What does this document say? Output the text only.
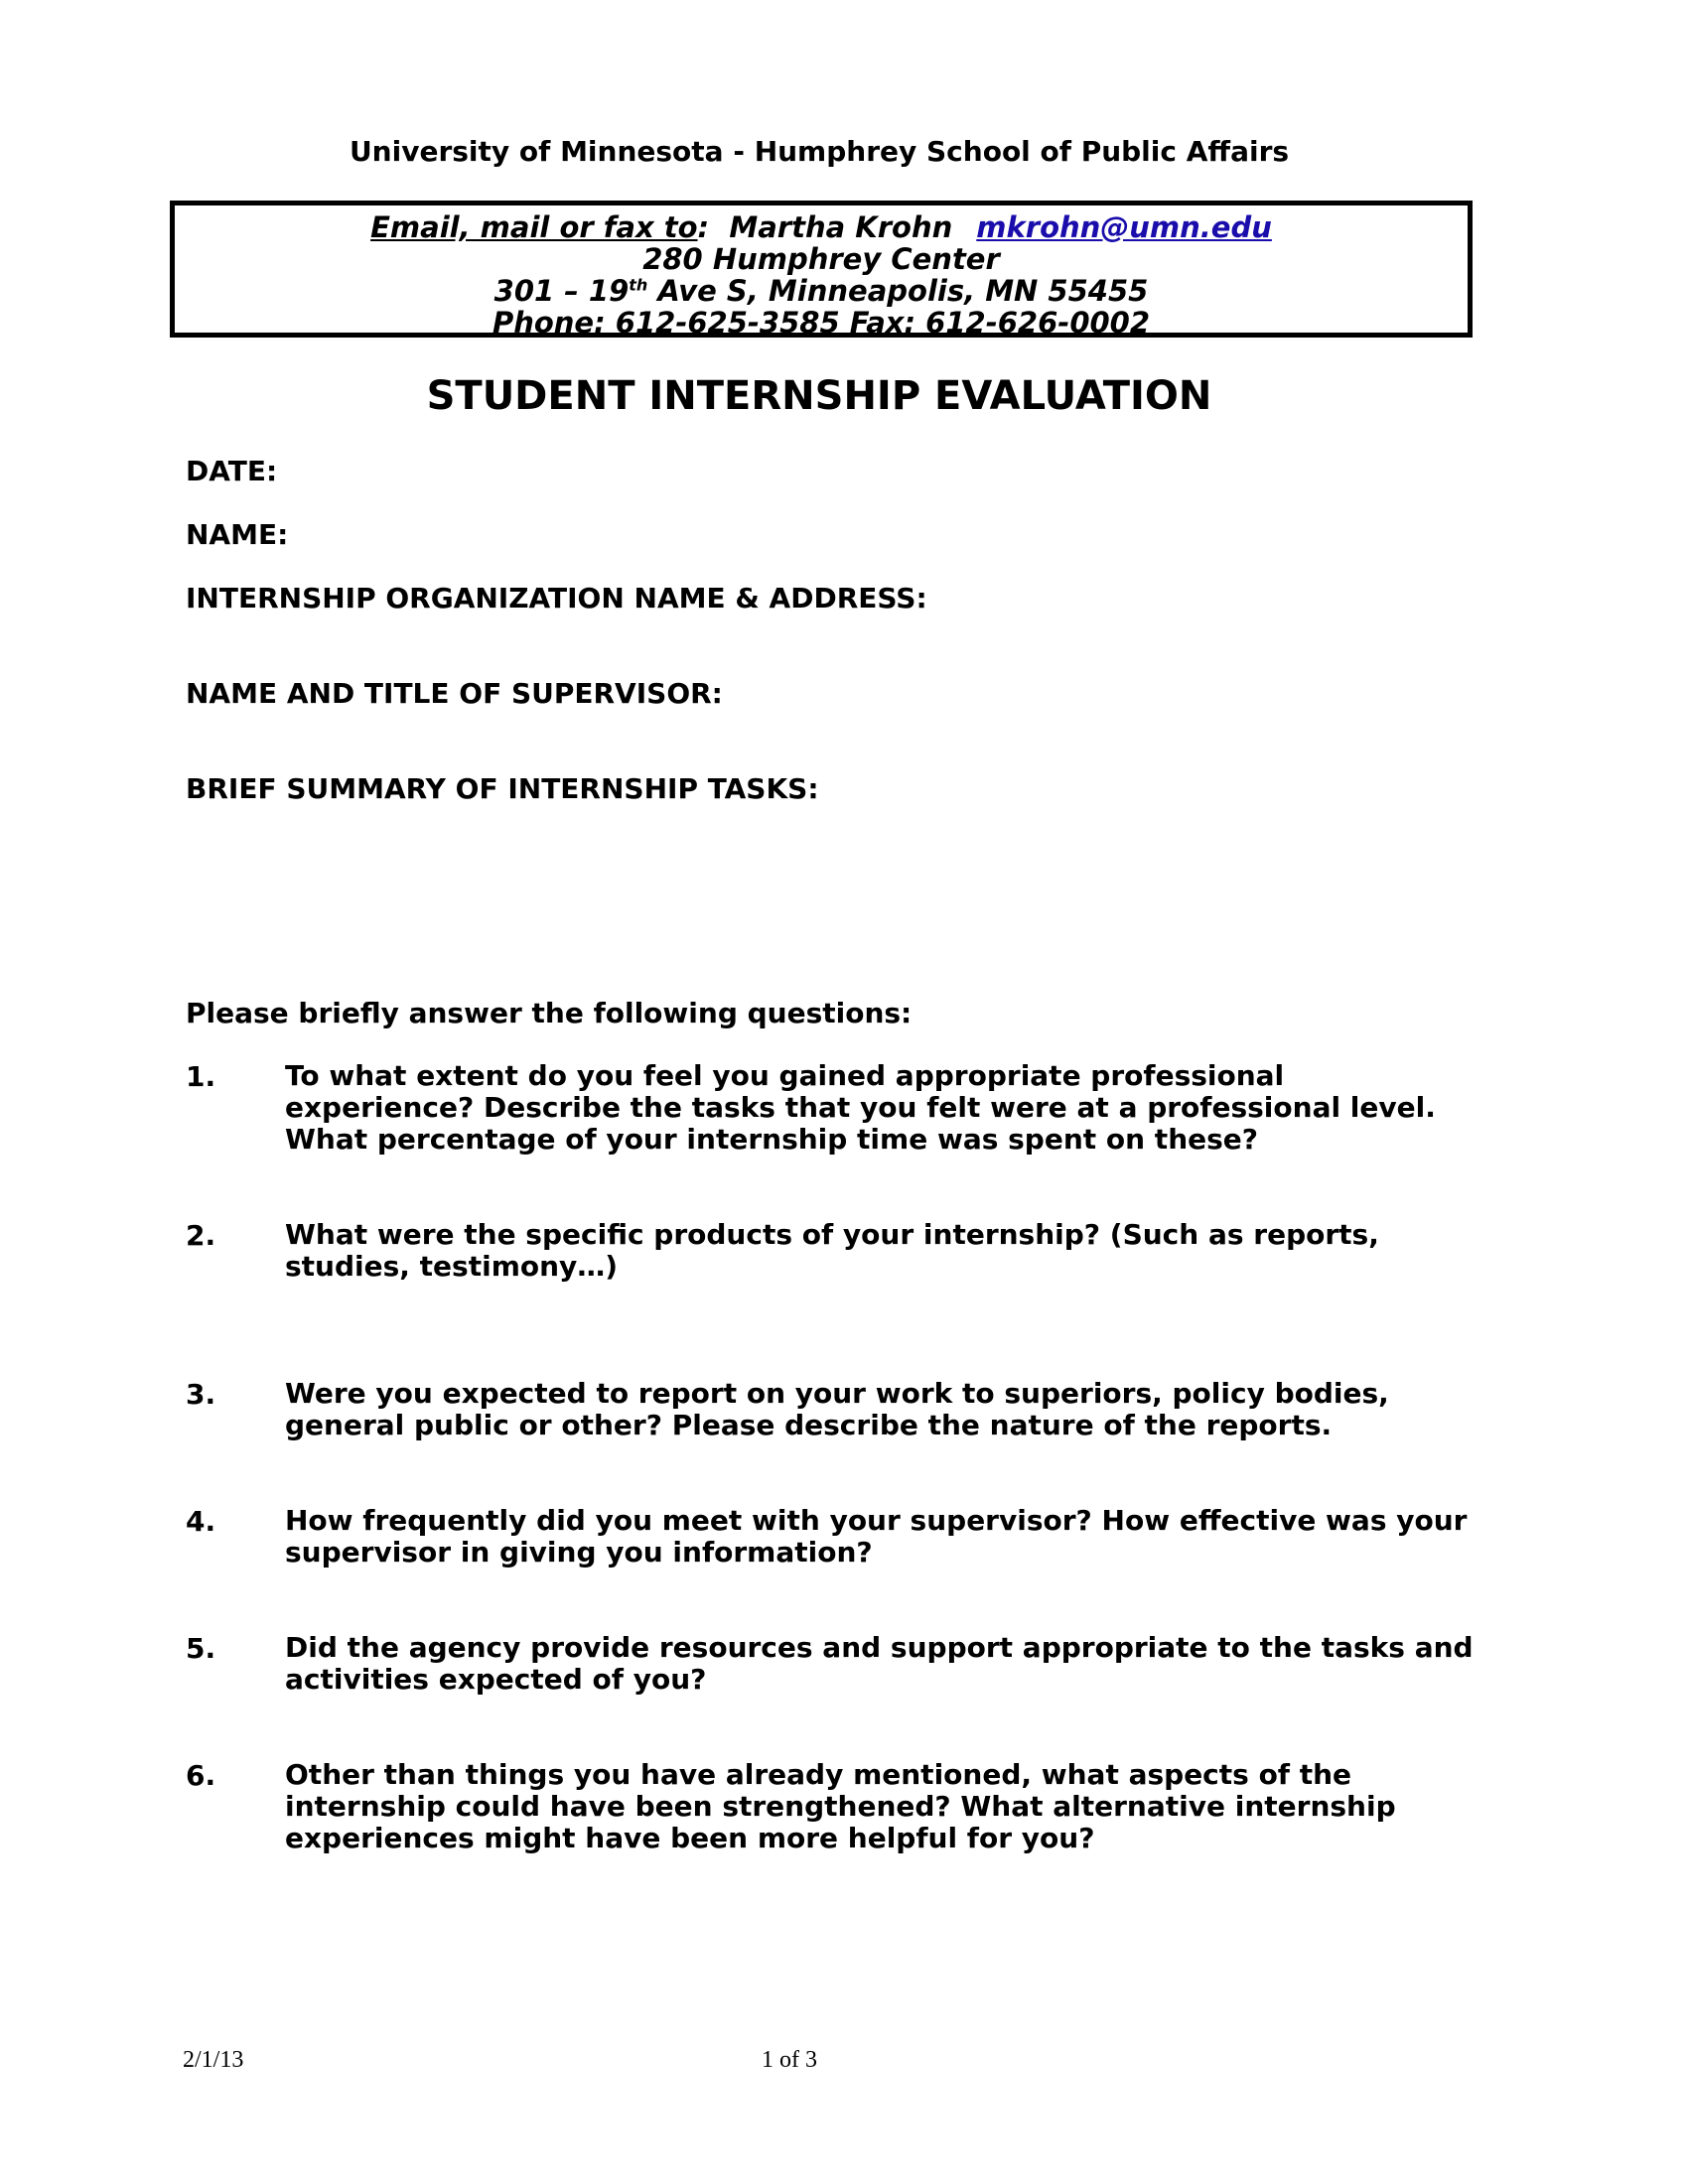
University of Minnesota - Humphrey School of Public Affairs
Email, mail or fax to: Martha Krohn mkrohn@umn.edu
280 Humphrey Center
301 – 19th Ave S, Minneapolis, MN 55455
Phone: 612-625-3585 Fax: 612-626-0002
STUDENT INTERNSHIP EVALUATION
DATE:
NAME:
INTERNSHIP ORGANIZATION NAME & ADDRESS:
NAME AND TITLE OF SUPERVISOR:
BRIEF SUMMARY OF INTERNSHIP TASKS:
Please briefly answer the following questions:
1. To what extent do you feel you gained appropriate professional experience? Describe the tasks that you felt were at a professional level. What percentage of your internship time was spent on these?
2. What were the specific products of your internship? (Such as reports, studies, testimony…)
3. Were you expected to report on your work to superiors, policy bodies, general public or other? Please describe the nature of the reports.
4. How frequently did you meet with your supervisor? How effective was your supervisor in giving you information?
5. Did the agency provide resources and support appropriate to the tasks and activities expected of you?
6. Other than things you have already mentioned, what aspects of the internship could have been strengthened? What alternative internship experiences might have been more helpful for you?
2/1/13	1 of 3
